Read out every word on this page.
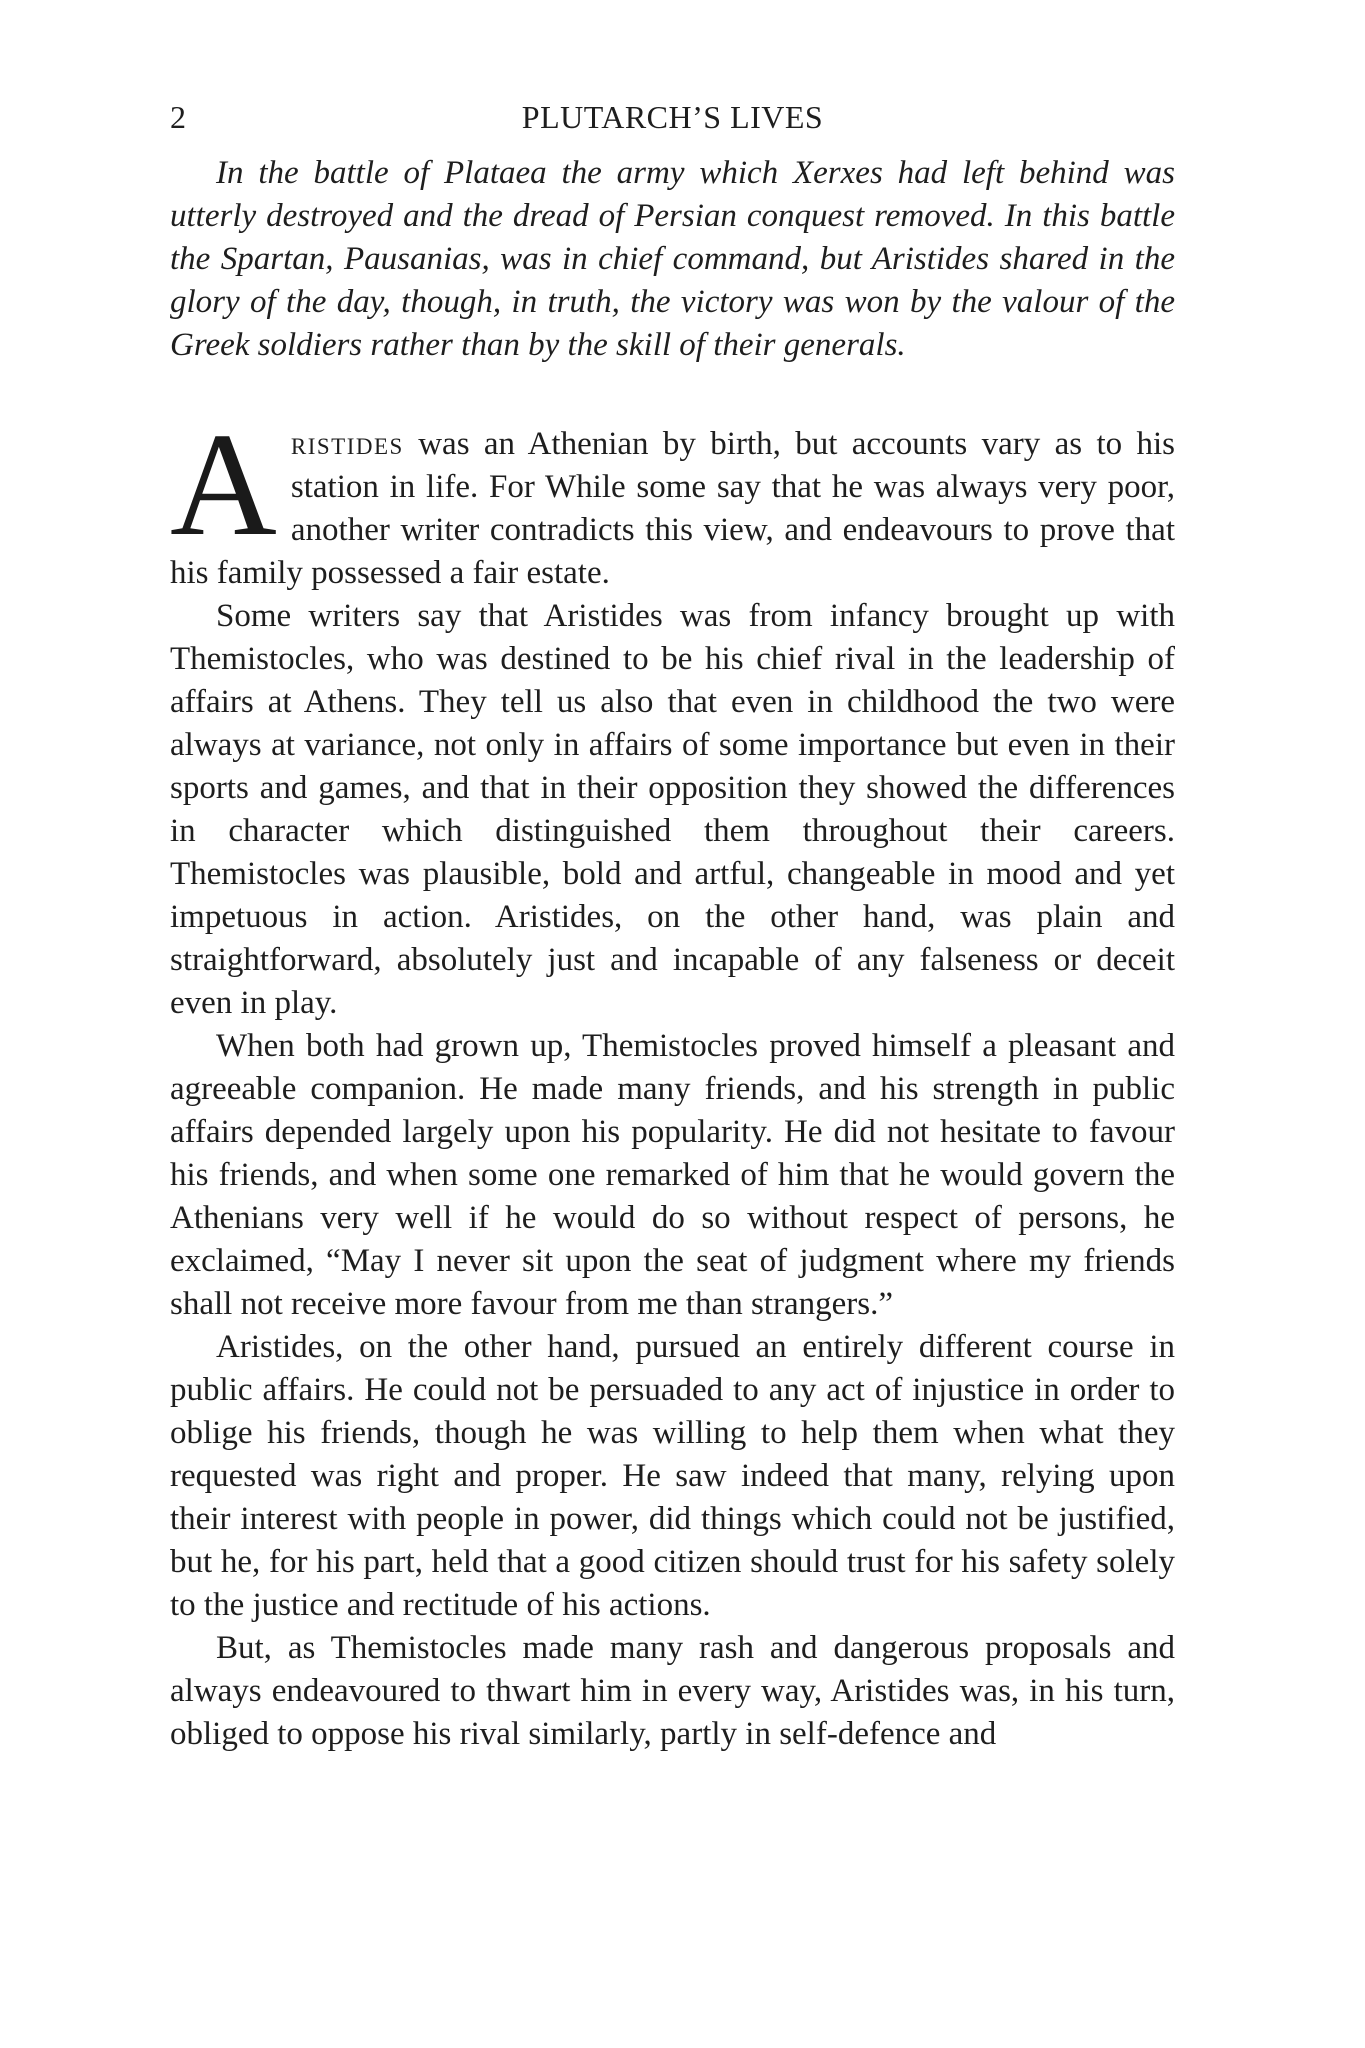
2	PLUTARCH’S LIVES

In the battle of Plataea the army which Xerxes had left behind was utterly destroyed and the dread of Persian conquest removed. In this battle the Spartan, Pausanias, was in chief command, but Aristides shared in the glory of the day, though, in truth, the victory was won by the valour of the Greek soldiers rather than by the skill of their generals.

Aristides was an Athenian by birth, but accounts vary as to his station in life. For While some say that he was always very poor, another writer contradicts this view, and endeavours to prove that his family possessed a fair estate.

Some writers say that Aristides was from infancy brought up with Themistocles, who was destined to be his chief rival in the leadership of affairs at Athens. They tell us also that even in childhood the two were always at variance, not only in affairs of some importance but even in their sports and games, and that in their opposition they showed the differences in character which distinguished them throughout their careers. Themistocles was plausible, bold and artful, changeable in mood and yet impetuous in action. Aristides, on the other hand, was plain and straightforward, absolutely just and incapable of any falseness or deceit even in play.

When both had grown up, Themistocles proved himself a pleasant and agreeable companion. He made many friends, and his strength in public affairs depended largely upon his popularity. He did not hesitate to favour his friends, and when some one remarked of him that he would govern the Athenians very well if he would do so without respect of persons, he exclaimed, “May I never sit upon the seat of judgment where my friends shall not receive more favour from me than strangers.”

Aristides, on the other hand, pursued an entirely different course in public affairs. He could not be persuaded to any act of injustice in order to oblige his friends, though he was willing to help them when what they requested was right and proper. He saw indeed that many, relying upon their interest with people in power, did things which could not be justified, but he, for his part, held that a good citizen should trust for his safety solely to the justice and rectitude of his actions.

But, as Themistocles made many rash and dangerous proposals and always endeavoured to thwart him in every way, Aristides was, in his turn, obliged to oppose his rival similarly, partly in self-defence and
